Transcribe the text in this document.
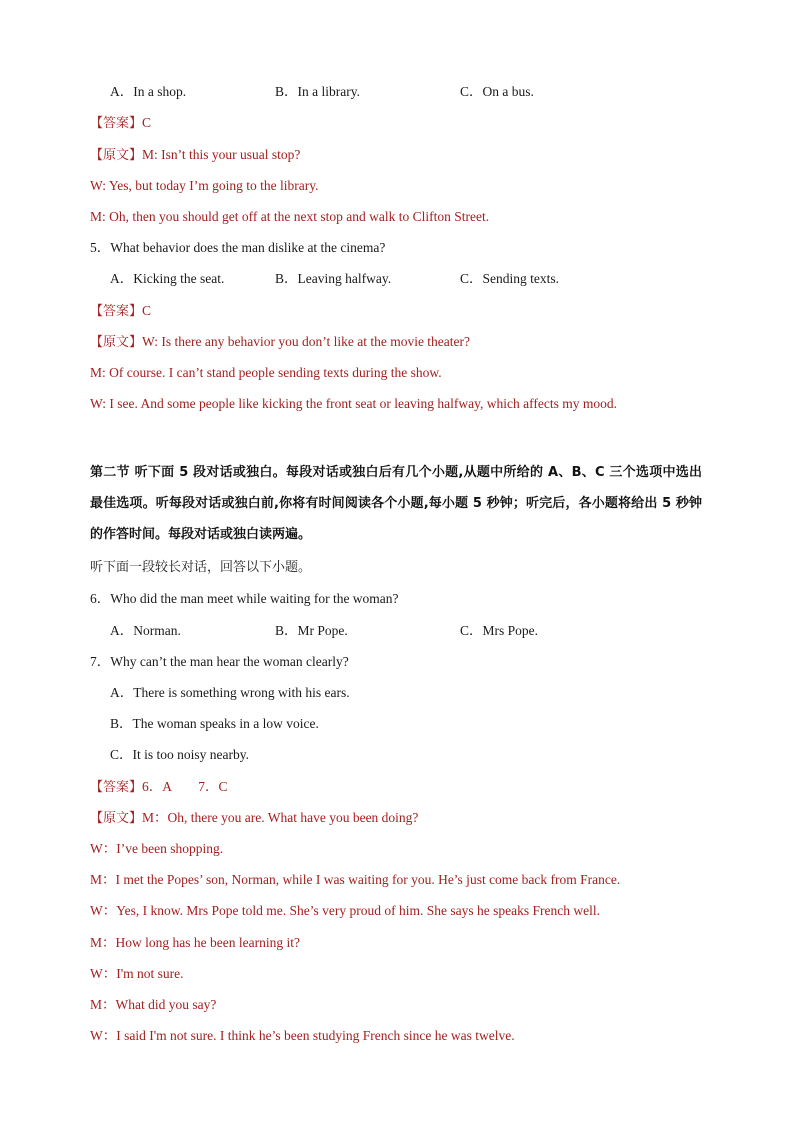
A．In a shop.	B．In a library.	C．On a bus.
【答案】C
【原文】M: Isn’t this your usual stop?
W: Yes, but today I’m going to the library.
M: Oh, then you should get off at the next stop and walk to Clifton Street.
5．What behavior does the man dislike at the cinema?
A．Kicking the seat.	B．Leaving halfway.	C．Sending texts.
【答案】C
【原文】W: Is there any behavior you don’t like at the movie theater?
M: Of course. I can’t stand people sending texts during the show.
W: I see. And some people like kicking the front seat or leaving halfway, which affects my mood.
第二节 听下面 5 段对话或独白。每段对话或独白后有几个小题,从题中所给的 A、B、C 三个选项中选出最佳选项。听每段对话或独白前,你将有时间阅读各个小题,每小题 5 秒钟；听完后，各小题将给出 5 秒钟的作答时间。每段对话或独白读两遍。
听下面一段较长对话，回答以下小题。
6．Who did the man meet while waiting for the woman?
A．Norman.	B．Mr Pope.	C．Mrs Pope.
7．Why can’t the man hear the woman clearly?
A．There is something wrong with his ears.
B．The woman speaks in a low voice.
C．It is too noisy nearby.
【答案】6．A　　7．C
【原文】M：Oh, there you are. What have you been doing?
W：I’ve been shopping.
M：I met the Popes’ son, Norman, while I was waiting for you. He’s just come back from France.
W：Yes, I know. Mrs Pope told me. She’s very proud of him. She says he speaks French well.
M：How long has he been learning it?
W：I'm not sure.
M：What did you say?
W：I said I'm not sure. I think he’s been studying French since he was twelve.
